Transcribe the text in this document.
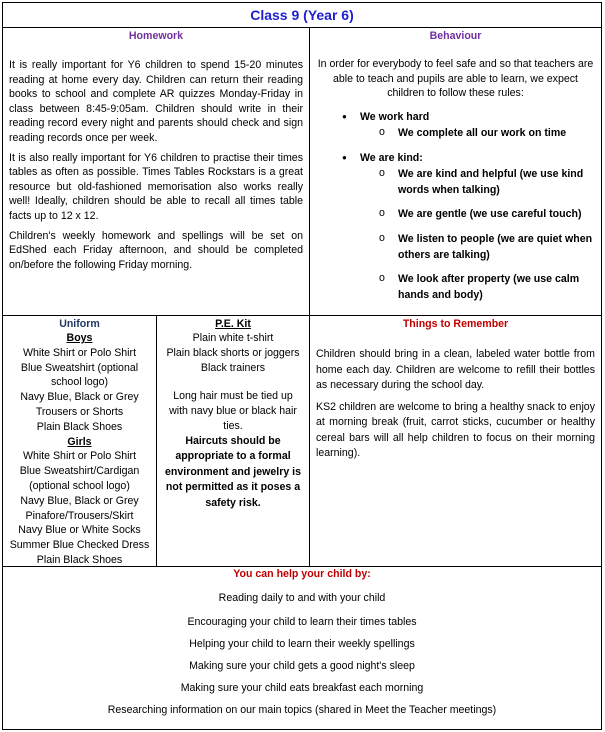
Class 9 (Year 6)
Homework

It is really important for Y6 children to spend 15-20 minutes reading at home every day. Children can return their reading books to school and complete AR quizzes Monday-Friday in class between 8:45-9:05am. Children should write in their reading record every night and parents should check and sign reading records once per week.

It is also really important for Y6 children to practise their times tables as often as possible. Times Tables Rockstars is a great resource but old-fashioned memorisation also works really well! Ideally, children should be able to recall all times table facts up to 12 x 12.

Children's weekly homework and spellings will be set on EdShed each Friday afternoon, and should be completed on/before the following Friday morning.

Behaviour

In order for everybody to feel safe and so that teachers are able to teach and pupils are able to learn, we expect children to follow these rules:

● We work hard
o We complete all our work on time
● We are kind:
o We are kind and helpful (we use kind words when talking)
o We are gentle (we use careful touch)
o We listen to people (we are quiet when others are talking)
o We look after property (we use calm hands and body)
Uniform
Boys
White Shirt or Polo Shirt
Blue Sweatshirt (optional school logo)
Navy Blue, Black or Grey Trousers or Shorts
Plain Black Shoes
Girls
White Shirt or Polo Shirt
Blue Sweatshirt/Cardigan (optional school logo)
Navy Blue, Black or Grey Pinafore/Trousers/Skirt
Navy Blue or White Socks
Summer Blue Checked Dress
Plain Black Shoes
P.E. Kit
Plain white t-shirt
Plain black shorts or joggers
Black trainers
Long hair must be tied up with navy blue or black hair ties.
Haircuts should be appropriate to a formal environment and jewelry is not permitted as it poses a safety risk.
Things to Remember

Children should bring in a clean, labeled water bottle from home each day. Children are welcome to refill their bottles as necessary during the school day.

KS2 children are welcome to bring a healthy snack to enjoy at morning break (fruit, carrot sticks, cucumber or healthy cereal bars will all help children to focus on their morning learning).

You can help your child by:
Reading daily to and with your child
Encouraging your child to learn their times tables
Helping your child to learn their weekly spellings
Making sure your child gets a good night's sleep
Making sure your child eats breakfast each morning
Researching information on our main topics (shared in Meet the Teacher meetings)
